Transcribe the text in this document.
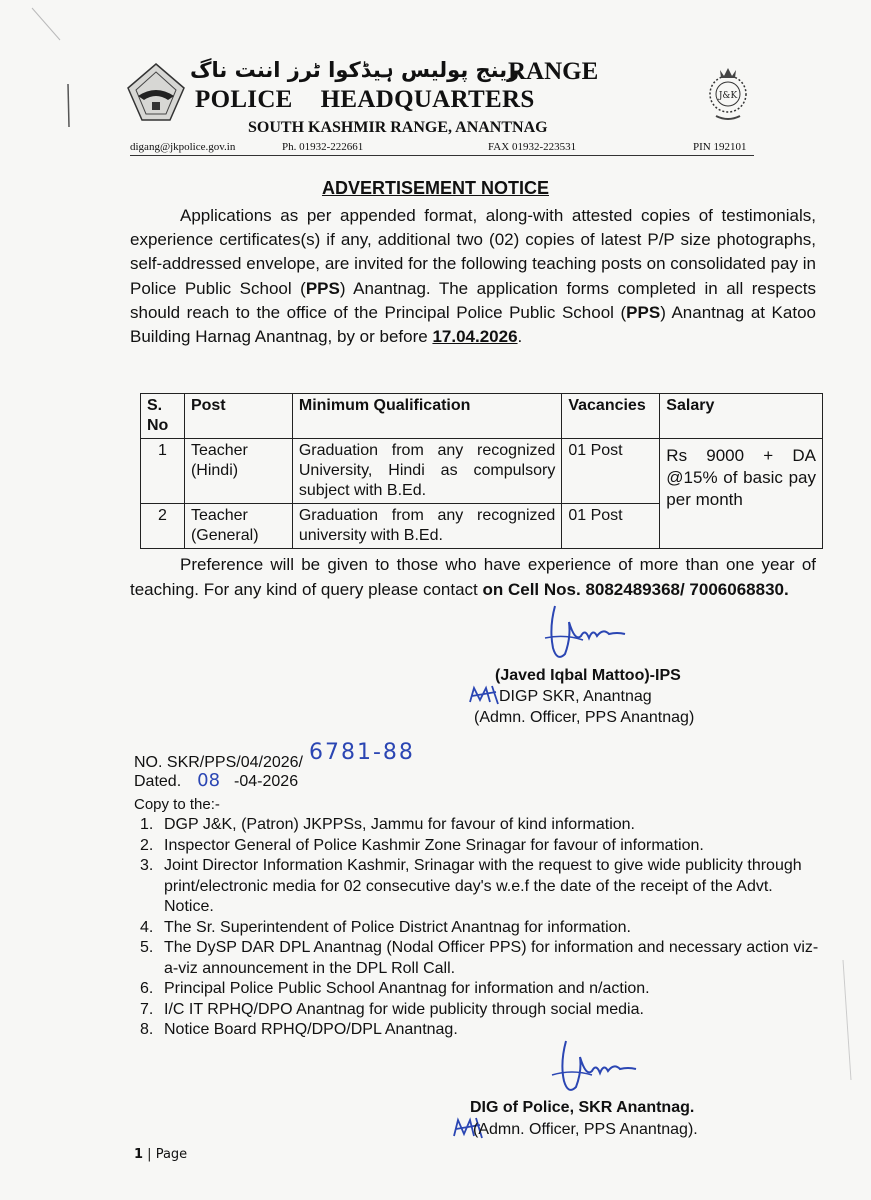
J&K
رینج پولیس ہیڈکوا ٹرز اننت ناگ
RANGE
POLICE HEADQUARTERS
SOUTH KASHMIR RANGE, ANANTNAG
digang@jkpolice.gov.in	Ph. 01932-222661	FAX 01932-223531	PIN 192101
ADVERTISEMENT NOTICE

Applications as per appended format, along-with attested copies of testimonials, experience certificates(s) if any, additional two (02) copies of latest P/P size photographs, self-addressed envelope, are invited for the following teaching posts on consolidated pay in Police Public School (PPS) Anantnag. The application forms completed in all respects should reach to the office of the Principal Police Public School (PPS) Anantnag at Katoo Building Harnag Anantnag, by or before 17.04.2026.

S. No	Post	Minimum Qualification	Vacancies	Salary
1	Teacher (Hindi)	Graduation from any recognized University, Hindi as compulsory subject with B.Ed.	01 Post	Rs 9000 + DA @15% of basic pay per month
2	Teacher (General)	Graduation from any recognized university with B.Ed.	01 Post	

Preference will be given to those who have experience of more than one year of teaching. For any kind of query please contact on Cell Nos. 8082489368/ 7006068830.

(Javed Iqbal Mattoo)-IPS
DIGP SKR, Anantnag
(Admn. Officer, PPS Anantnag)
NO. SKR/PPS/04/2026/ 6781-88
Dated. 08 -04-2026
Copy to the:-
1. DGP J&K, (Patron) JKPPSs, Jammu for favour of kind information.
2. Inspector General of Police Kashmir Zone Srinagar for favour of information.
3. Joint Director Information Kashmir, Srinagar with the request to give wide publicity through print/electronic media for 02 consecutive day's w.e.f the date of the receipt of the Advt. Notice.
4. The Sr. Superintendent of Police District Anantnag for information.
5. The DySP DAR DPL Anantnag (Nodal Officer PPS) for information and necessary action viz-a-viz announcement in the DPL Roll Call.
6. Principal Police Public School Anantnag for information and n/action.
7. I/C IT RPHQ/DPO Anantnag for wide publicity through social media.
8. Notice Board RPHQ/DPO/DPL Anantnag.
DIG of Police, SKR Anantnag.
(Admn. Officer, PPS Anantnag).
1 | Page
